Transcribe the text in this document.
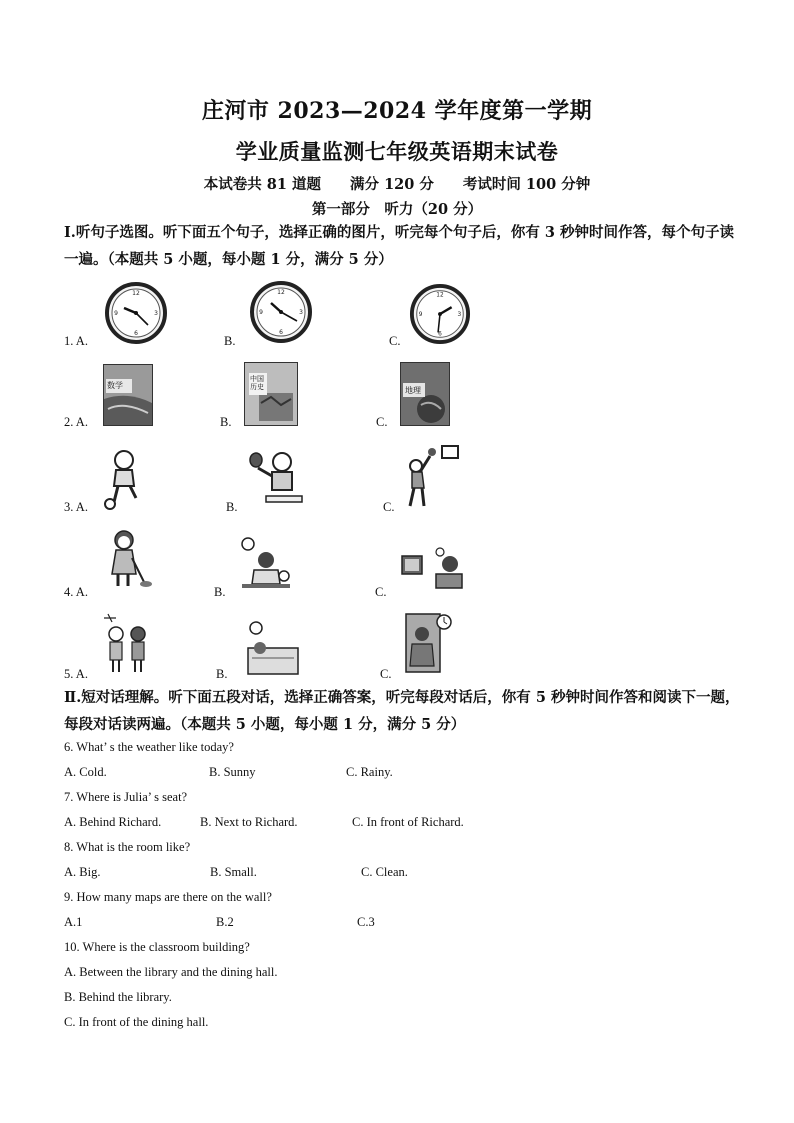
庄河市 2023—2024 学年度第一学期
学业质量监测七年级英语期末试卷
本试卷共 81 道题　　满分 120 分　　考试时间 100 分钟
第一部分　听力（20 分）
Ⅰ.听句子选图。听下面五个句子，选择正确的图片，听完每个句子后，你有 3 秒钟时间作答，每个句子读一遍。（本题共 5 小题，每小题 1 分，满分 5 分）
1. A.	B.	C.
12
3
6
9
12
3
6
9
12
3
6
9
2. A.	B.	C.
数学
中国历史	地理
3. A.	B.	C.
4. A.	B.	C.
5. A.	B.	C.
Ⅱ.短对话理解。听下面五段对话，选择正确答案，听完每段对话后，你有 5 秒钟时间作答和阅读下一题，每段对话读两遍。（本题共 5 小题，每小题 1 分，满分 5 分）
6. What’ s the weather like today?
A. Cold.	B. Sunny	C. Rainy.
7. Where is Julia’ s seat?
A. Behind Richard.	B. Next to Richard.	C. In front of Richard.
8. What is the room like?
A. Big.	B. Small.	C. Clean.
9. How many maps are there on the wall?
A.1	B.2	C.3
10. Where is the classroom building?
A. Between the library and the dining hall.
B. Behind the library.
C. In front of the dining hall.
